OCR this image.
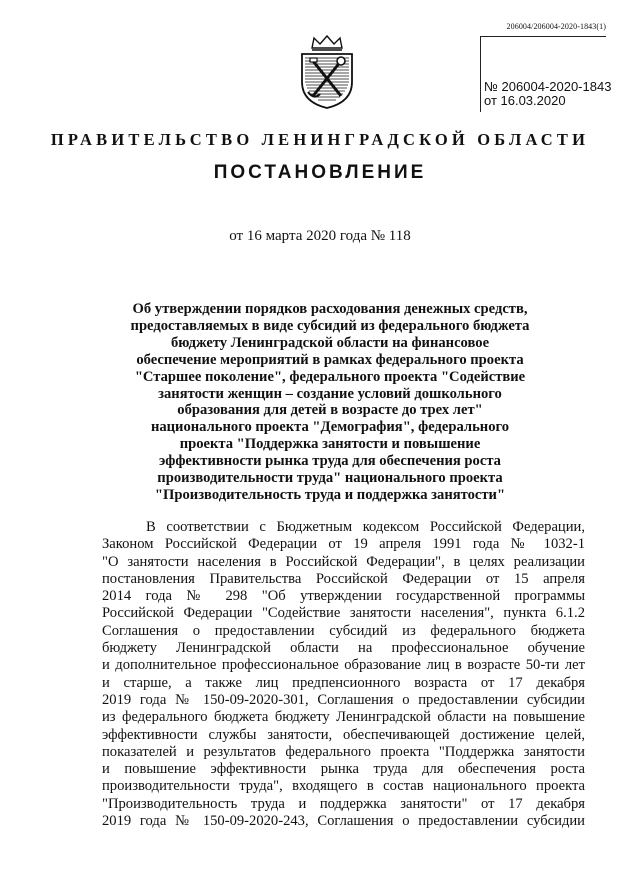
206004/206004-2020-1843(1)
№ 206004-2020-1843
от 16.03.2020
ПРАВИТЕЛЬСТВО ЛЕНИНГРАДСКОЙ ОБЛАСТИ
ПОСТАНОВЛЕНИЕ
от 16 марта 2020 года № 118
Об утверждении порядков расходования денежных средств,
предоставляемых в виде субсидий из федерального бюджета
бюджету Ленинградской области на финансовое
обеспечение мероприятий в рамках федерального проекта
"Старшее поколение", федерального проекта "Содействие
занятости женщин – создание условий дошкольного
образования для детей в возрасте до трех лет"
национального проекта "Демография", федерального
проекта "Поддержка занятости и повышение
эффективности рынка труда для обеспечения роста
производительности труда" национального проекта
"Производительность труда и поддержка занятости"
В соответствии с Бюджетным кодексом Российской Федерации,
Законом Российской Федерации от 19 апреля 1991 года № 1032-1
"О занятости населения в Российской Федерации", в целях реализации
постановления Правительства Российской Федерации от 15 апреля
2014 года № 298 "Об утверждении государственной программы
Российской Федерации "Содействие занятости населения", пункта 6.1.2
Соглашения о предоставлении субсидий из федерального бюджета
бюджету Ленинградской области на профессиональное обучение
и дополнительное профессиональное образование лиц в возрасте 50-ти лет
и старше, а также лиц предпенсионного возраста от 17 декабря
2019 года № 150-09-2020-301, Соглашения о предоставлении субсидии
из федерального бюджета бюджету Ленинградской области на повышение
эффективности службы занятости, обеспечивающей достижение целей,
показателей и результатов федерального проекта "Поддержка занятости
и повышение эффективности рынка труда для обеспечения роста
производительности труда", входящего в состав национального проекта
"Производительность труда и поддержка занятости" от 17 декабря
2019 года № 150-09-2020-243, Соглашения о предоставлении субсидии
